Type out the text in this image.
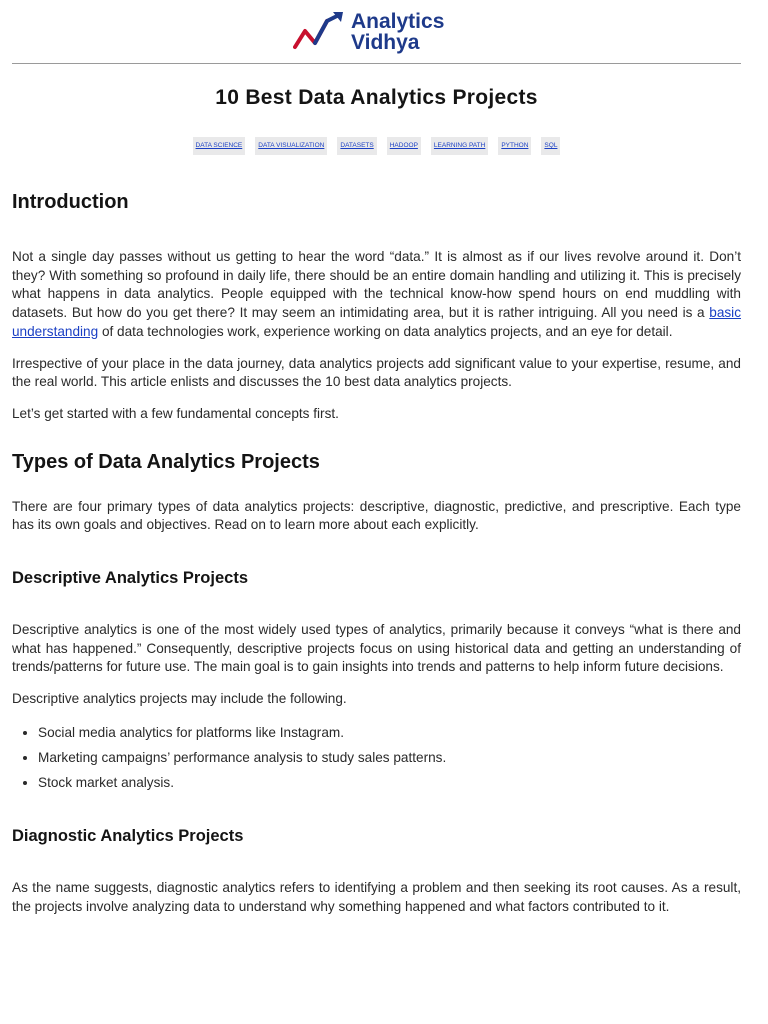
Analytics
Vidhya
10 Best Data Analytics Projects
DATA SCIENCE	DATA VISUALIZATION	DATASETS	HADOOP	LEARNING PATH	PYTHON	SQL
Introduction

Not a single day passes without us getting to hear the word “data.” It is almost as if our lives revolve around it. Don’t they? With something so profound in daily life, there should be an entire domain handling and utilizing it. This is precisely what happens in data analytics. People equipped with the technical know-how spend hours on end muddling with datasets. But how do you get there? It may seem an intimidating area, but it is rather intriguing. All you need is a basic understanding of data technologies work, experience working on data analytics projects, and an eye for detail.

Irrespective of your place in the data journey, data analytics projects add significant value to your expertise, resume, and the real world. This article enlists and discusses the 10 best data analytics projects.

Let’s get started with a few fundamental concepts first.

Types of Data Analytics Projects

There are four primary types of data analytics projects: descriptive, diagnostic, predictive, and prescriptive. Each type has its own goals and objectives. Read on to learn more about each explicitly.

Descriptive Analytics Projects

Descriptive analytics is one of the most widely used types of analytics, primarily because it conveys “what is there and what has happened.” Consequently, descriptive projects focus on using historical data and getting an understanding of trends/patterns for future use. The main goal is to gain insights into trends and patterns to help inform future decisions.

Descriptive analytics projects may include the following.

• Social media analytics for platforms like Instagram.
• Marketing campaigns’ performance analysis to study sales patterns.
• Stock market analysis.
Diagnostic Analytics Projects

As the name suggests, diagnostic analytics refers to identifying a problem and then seeking its root causes. As a result, the projects involve analyzing data to understand why something happened and what factors contributed to it.
